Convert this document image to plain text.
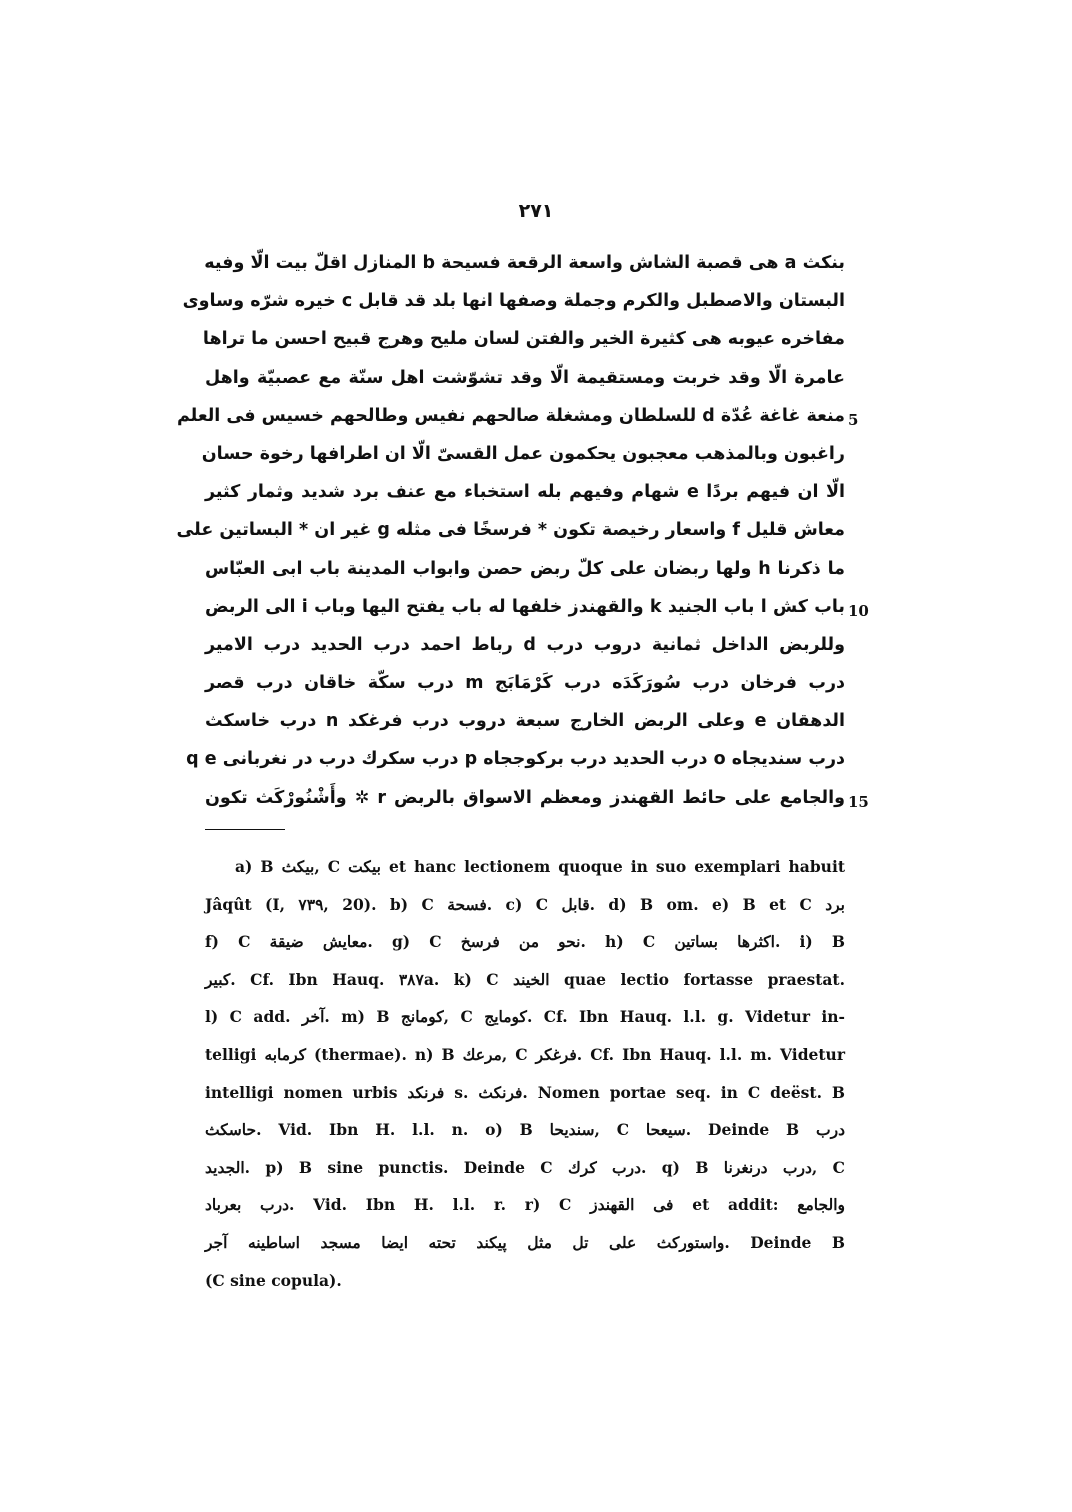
٢٧١
بنكث a هى قصبة الشاش واسعة الرقعة فسيحة b المنازل اقلّ بيت الّا وفيه
البستان والاصطبل والكرم وجملة وصفها انها بلد قد قابل c خيره شرّه وساوى
مفاخره عيوبه هى كثيرة الخير والفتن لسان مليح وهرج قبيح احسن ما تراها
عامرة الّا وقد خربت ومستقيمة الّا وقد تشوّشت اهل سنّة مع عصبيّة واهل
منعة غاغة عُدّة d للسلطان ومشغلة صالحهم نفيس وطالحهم خسيس فى العلم
راغبون وبالمذهب معجبون يحكمون عمل القسىّ الّا ان اطرافها رخوة حسان
الّا ان فيهم بردًا e شهام وفيهم بله استخباء مع عنف برد شديد وثمار كثير
معاش قليل f واسعار رخيصة تكون * فرسخًا فى مثله g غير ان * البساتين على
ما ذكرنا h ولها ربضان على كلّ ربض حصن وابواب المدينة باب ابى العبّاس
باب كش l باب الجنيد k والقهندز خلفها له باب يفتح اليها وباب i الى الربض
وللربض الداخل ثمانية دروب درب d رباط احمد درب الحديد درب الامير
درب فرخان درب سُورَكَدَه درب كَرْمَابَج m درب سكّة خاقان درب قصر
الدهقان e وعلى الربض الخارج سبعة دروب درب فرغكد n درب خاسكث
درب سنديجاه o درب الحديد درب بركوججاه p درب سكرك درب در نغربانى q e
والجامع على حائط القهندز ومعظم الاسواق بالربض r ✲ وأَشْنُورْكَث تكون
5
10
15
a) B بيكث, C بيكت et hanc lectionem quoque in suo exemplari habuit
Jâqût (I, ٧٣٩, 20). b) C فسحة. c) C قابل. d) B om. e) B et C برد
f) C معايش ضيقة. g) C نحو من فرسخ. h) C اكثرها بساتين. i) B
كبير. Cf. Ibn Hauq. ٣٨٧a. k) C الخيند quae lectio fortasse praestat.
l) C add. آخر. m) B كومانج, C كومايج. Cf. Ibn Hauq. l.l. g. Videtur in-
telligi كرمابه (thermae). n) B مرعك, C فرغكر. Cf. Ibn Hauq. l.l. m. Videtur
intelligi nomen urbis فرنكد s. فرنكث. Nomen portae seq. in C deëst. B
حاسكث. Vid. Ibn H. l.l. n. o) B سنديحا, C سيعحا. Deinde B درب
الجديد. p) B sine punctis. Deinde C درب كرك. q) B درب درنغرنا, C
درب بعرباد. Vid. Ibn H. l.l. r. r) C فى القهندز et addit: والجامع
واستوركث على تل مثل پيكند تحته ايضا مسجد اساطينه آجر. Deinde B
(C sine copula).
